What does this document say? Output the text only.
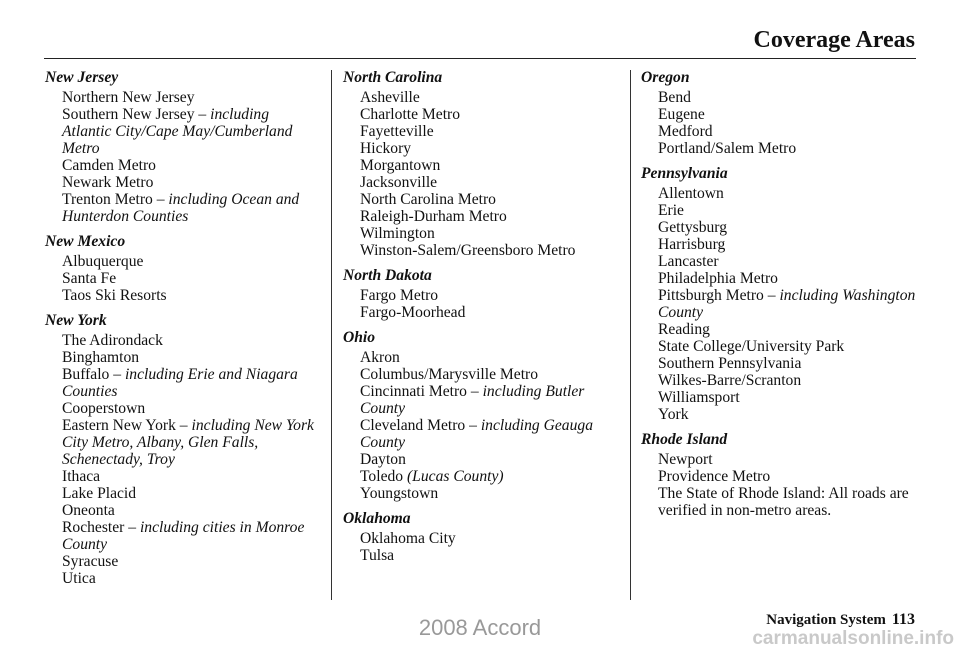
Coverage Areas
New Jersey
Northern New Jersey
Southern New Jersey – including Atlantic City/Cape May/Cumberland Metro
Camden Metro
Newark Metro
Trenton Metro – including Ocean and Hunterdon Counties
New Mexico
Albuquerque
Santa Fe
Taos Ski Resorts
New York
The Adirondack
Binghamton
Buffalo – including Erie and Niagara Counties
Cooperstown
Eastern New York – including New York City Metro, Albany, Glen Falls, Schenectady, Troy
Ithaca
Lake Placid
Oneonta
Rochester – including cities in Monroe County
Syracuse
Utica
North Carolina
Asheville
Charlotte Metro
Fayetteville
Hickory
Morgantown
Jacksonville
North Carolina Metro
Raleigh-Durham Metro
Wilmington
Winston-Salem/Greensboro Metro
North Dakota
Fargo Metro
Fargo-Moorhead
Ohio
Akron
Columbus/Marysville Metro
Cincinnati Metro – including Butler County
Cleveland Metro – including Geauga County
Dayton
Toledo (Lucas County)
Youngstown
Oklahoma
Oklahoma City
Tulsa
Oregon
Bend
Eugene
Medford
Portland/Salem Metro
Pennsylvania
Allentown
Erie
Gettysburg
Harrisburg
Lancaster
Philadelphia Metro
Pittsburgh Metro – including Washington County
Reading
State College/University Park
Southern Pennsylvania
Wilkes-Barre/Scranton
Williamsport
York
Rhode Island
Newport
Providence Metro
The State of Rhode Island: All roads are verified in non-metro areas.
Navigation System 113
2008 Accord	carmanualsonline.info
